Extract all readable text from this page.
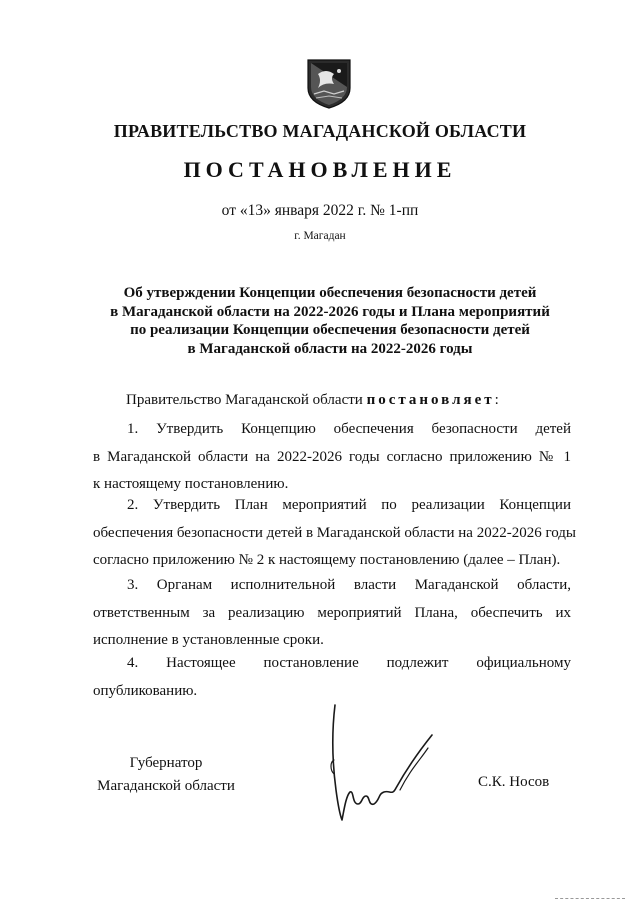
ПРАВИТЕЛЬСТВО МАГАДАНСКОЙ ОБЛАСТИ
ПОСТАНОВЛЕНИЕ
от «13» января 2022 г. № 1-пп
г. Магадан
Об утверждении Концепции обеспечения безопасности детей
в Магаданской области на 2022-2026 годы и Плана мероприятий
по реализации Концепции обеспечения безопасности детей
в Магаданской области на 2022-2026 годы
Правительство Магаданской области постановляет:
1. Утвердить Концепцию обеспечения безопасности детей
в Магаданской области на 2022-2026 годы согласно приложению № 1
к настоящему постановлению.
2. Утвердить План мероприятий по реализации Концепции
обеспечения безопасности детей в Магаданской области на 2022-2026 годы
согласно приложению № 2 к настоящему постановлению (далее – План).
3. Органам исполнительной власти Магаданской области,
ответственным за реализацию мероприятий Плана, обеспечить их
исполнение в установленные сроки.
4. Настоящее постановление подлежит официальному
опубликованию.
Губернатор
Магаданской области	С.К. Носов
